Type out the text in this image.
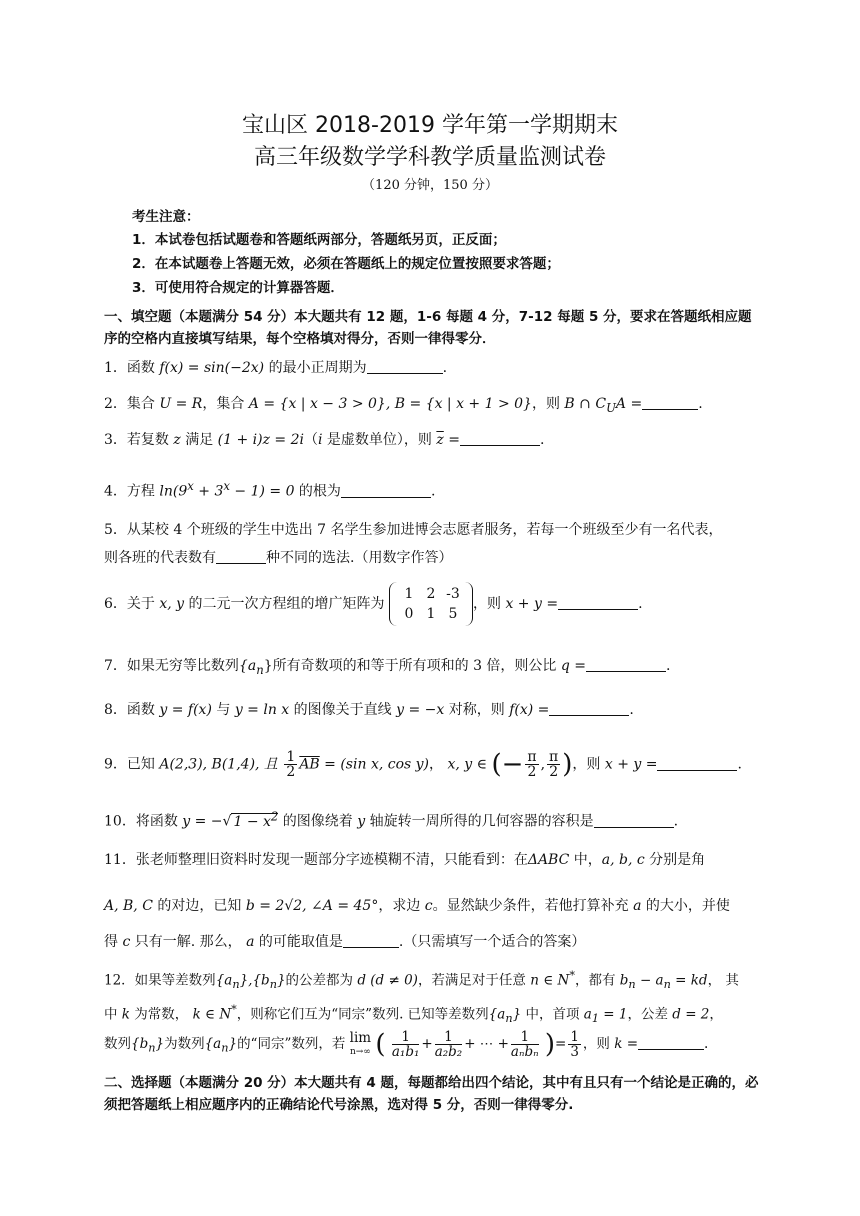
宝山区 2018-2019 学年第一学期期末
高三年级数学学科教学质量监测试卷
（120 分钟，150 分）
考生注意：
1．本试卷包括试题卷和答题纸两部分，答题纸另页，正反面；
2．在本试题卷上答题无效，必须在答题纸上的规定位置按照要求答题；
3．可使用符合规定的计算器答题．
一、填空题（本题满分 54 分）本大题共有 12 题，1-6 每题 4 分，7-12 每题 5 分，要求在答题纸相应题序的空格内直接填写结果，每个空格填对得分，否则一律得零分．
1．函数 f(x) = sin(−2x) 的最小正周期为	.
2．集合 U = R，集合 A = {x | x − 3 > 0}, B = {x | x + 1 > 0}，则 B ∩ $C_UA$ =	.
3．若复数 z 满足 (1 + i)z = 2i（i 是虚数单位），则 $\overline{z}$ =	.
4．方程 $\ln(9^x + 3^x - 1) = 0$ 的根为	.
5．从某校 4 个班级的学生中选出 7 名学生参加进博会志愿者服务，若每一个班级至少有一名代表，
则各班的代表数有	种不同的选法.（用数字作答）
6．关于 x, y 的二元一次方程组的增广矩阵为
1 2 -3
0 1 5
，则 x + y =	.
7．如果无穷等比数列$\{a_n\}$所有奇数项的和等于所有项和的 3 倍，则公比 q =	.
8．函数 y = f(x) 与 y = ln x 的图像关于直线 y = −x 对称，则 f(x) =	.
9．已知 A(2,3), B(1,4), 且 $\frac{1}{2} \overline{AB} = (\sin$ x, cos y)， x, y ∈ (− $\frac{\pi}{2}$ , $\frac{\pi}{2}$ )，则 x + y =	.
10．将函数 y = −√ $1 - x^2$ 的图像绕着 y 轴旋转一周所得的几何容器的容积是	.
11．张老师整理旧资料时发现一题部分字迹模糊不清，只能看到：在ΔABC 中，a, b, c 分别是角
A, B, C 的对边，已知 b = 2√2, ∠A = 45°，求边 c。显然缺少条件，若他打算补充 a 的大小，并使
得 c 只有一解. 那么， a 的可能取值是	.（只需填写一个适合的答案）
12．如果等差数列$\{a_n\},\{b_n\}$的公差都为 d (d ≠ 0)，若满足对于任意 n ∈ N*，都有 $b_n - a_n$ = kd， 其
中 k 为常数， k ∈ N*，则称它们互为“同宗”数列. 已知等差数列$\{a_n\}$ 中，首项 $a_1 = 1$，公差 d = 2，
数列$\{b_n\}$为数列$\{a_n\}$的“同宗”数列，若 lim
n→∞ ( $\frac{1}{\text{a₁b₁}} + \frac{1}{\text{a₂b₂}}$ + ⋯ + $\frac{1}{\text{aₙbₙ}}$ )= $\frac{1}{3}$ ，则 k =	.
二、选择题（本题满分 20 分）本大题共有 4 题，每题都给出四个结论，其中有且只有一个结论是正确的，必须把答题纸上相应题序内的正确结论代号涂黑，选对得 5 分，否则一律得零分.
